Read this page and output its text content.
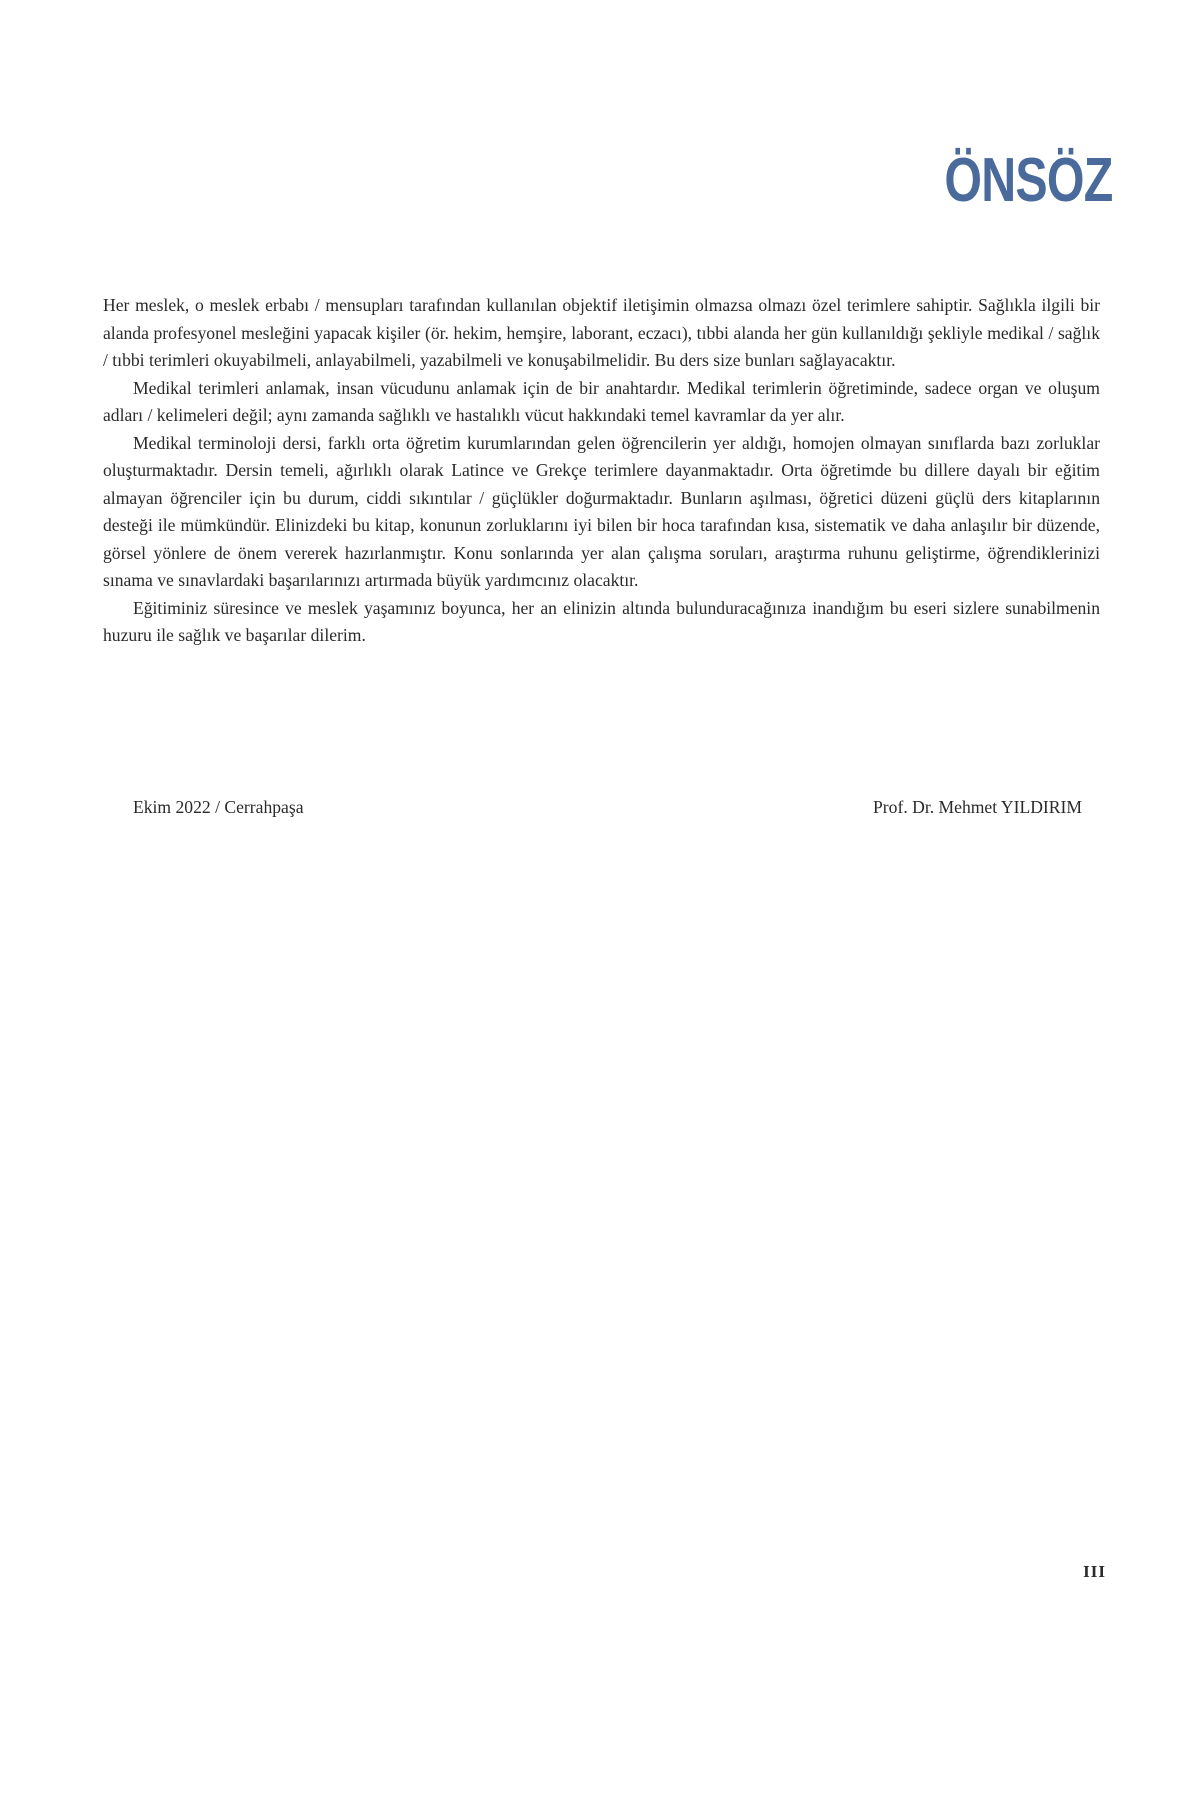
ÖNSÖZ

Her meslek, o meslek erbabı / mensupları tarafından kullanılan objektif iletişimin olmazsa olmazı özel terimlere sahiptir. Sağlıkla ilgili bir alanda profesyonel mesleğini yapacak kişiler (ör. hekim, hemşire, laborant, eczacı), tıbbi alanda her gün kullanıldığı şekliyle medikal / sağlık / tıbbi terimleri okuyabilmeli, anlayabilmeli, yazabilmeli ve konuşabilmelidir. Bu ders size bunları sağlayacaktır.

Medikal terimleri anlamak, insan vücudunu anlamak için de bir anahtardır. Medikal terimlerin öğretiminde, sadece organ ve oluşum adları / kelimeleri değil; aynı zamanda sağlıklı ve hastalıklı vücut hakkındaki temel kavramlar da yer alır.

Medikal terminoloji dersi, farklı orta öğretim kurumlarından gelen öğrencilerin yer aldığı, homojen olmayan sınıflarda bazı zorluklar oluşturmaktadır. Dersin temeli, ağırlıklı olarak Latince ve Grekçe terimlere dayanmaktadır. Orta öğretimde bu dillere dayalı bir eğitim almayan öğrenciler için bu durum, ciddi sıkıntılar / güçlükler doğurmaktadır. Bunların aşılması, öğretici düzeni güçlü ders kitaplarının desteği ile mümkündür. Elinizdeki bu kitap, konunun zorluklarını iyi bilen bir hoca tarafından kısa, sistematik ve daha anlaşılır bir düzende, görsel yönlere de önem vererek hazırlanmıştır. Konu sonlarında yer alan çalışma soruları, araştırma ruhunu geliştirme, öğrendiklerinizi sınama ve sınavlardaki başarılarınızı artırmada büyük yardımcınız olacaktır.

Eğitiminiz süresince ve meslek yaşamınız boyunca, her an elinizin altında bulunduracağınıza inandığım bu eseri sizlere sunabilmenin huzuru ile sağlık ve başarılar dilerim.

Ekim 2022 / Cerrahpaşa	Prof. Dr. Mehmet YILDIRIM
III
